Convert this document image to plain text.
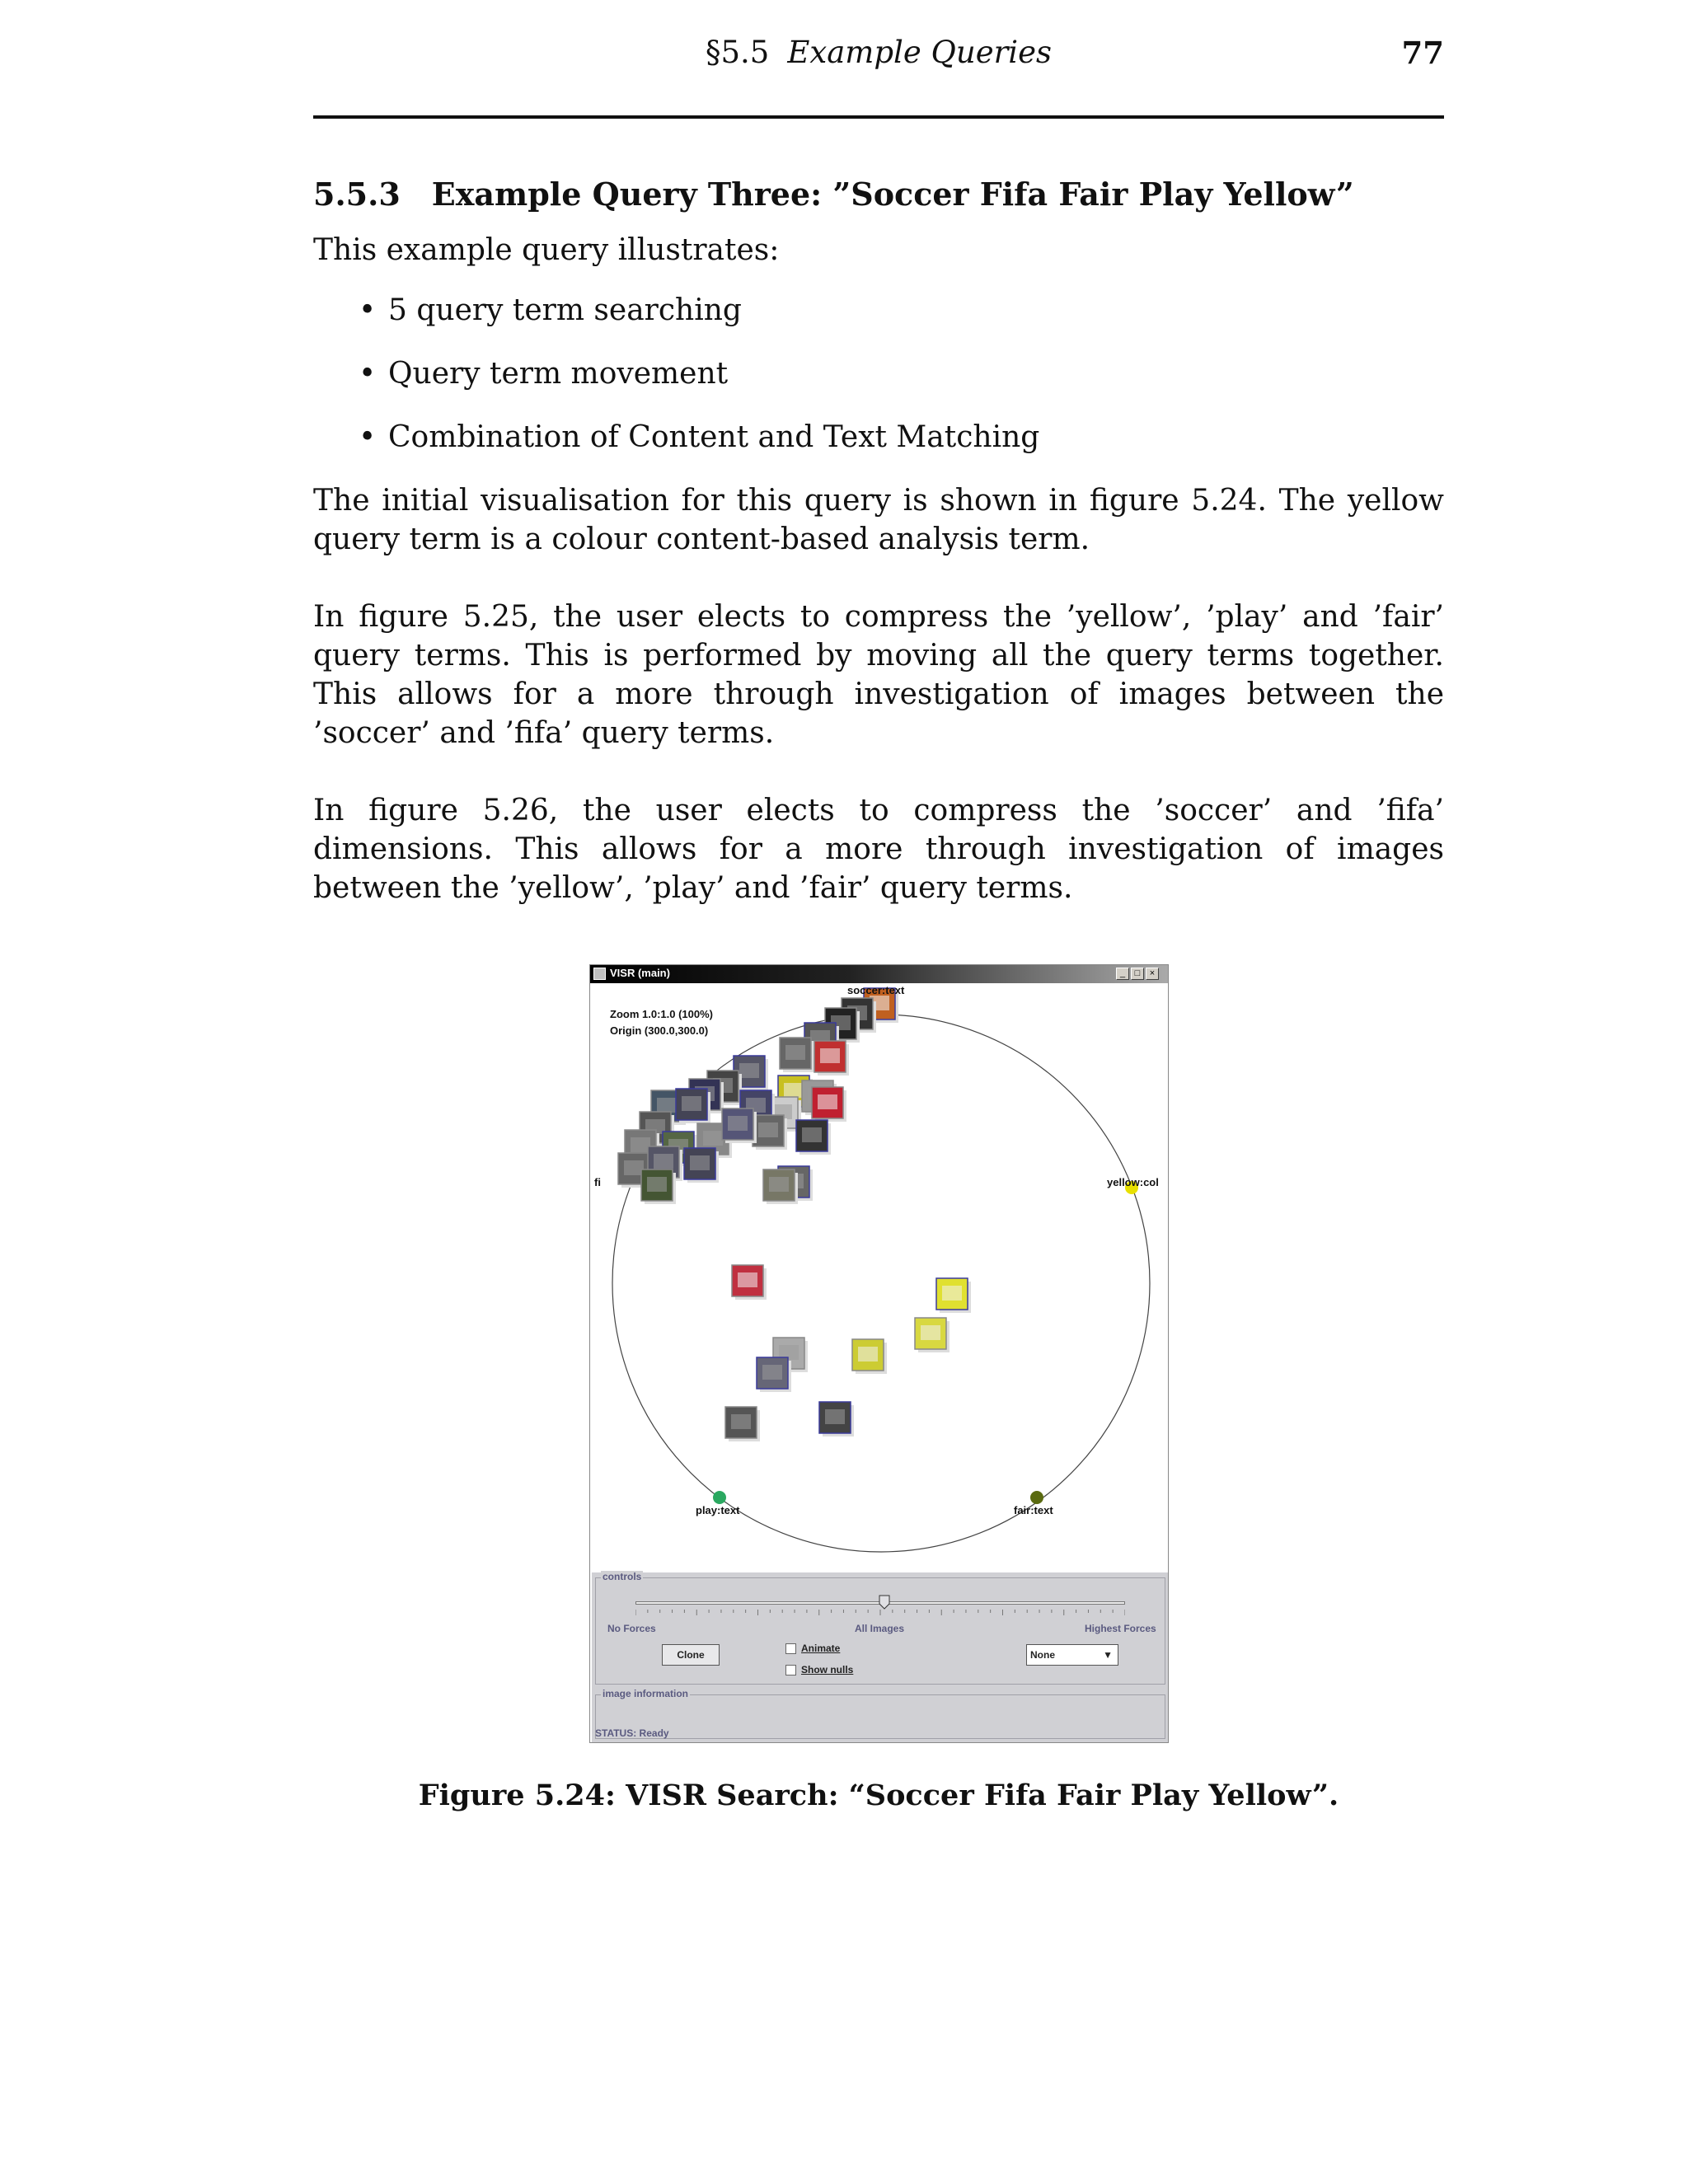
§5.5 Example Queries	77
5.5.3 Example Query Three: ”Soccer Fifa Fair Play Yellow”

This example query illustrates:

• 5 query term searching
• Query term movement
• Combination of Content and Text Matching

The initial visualisation for this query is shown in figure 5.24. The yellow query term is a colour content-based analysis term.

In figure 5.25, the user elects to compress the ’yellow’, ’play’ and ’fair’ query terms. This is performed by moving all the query terms together. This allows for a more through investigation of images between the ’soccer’ and ’fifa’ query terms.

In figure 5.26, the user elects to compress the ’soccer’ and ’fifa’ dimensions. This allows for a more through investigation of images between the ’yellow’, ’play’ and ’fair’ query terms.

VISR (main)	_	□	×
Zoom 1.0:1.0 (100%)
Origin (300.0,300.0)
soccer:text
fi	yellow:col
play:text	fair:text
controls
No Forces	All Images	Highest Forces
Clone
Animate
Show nulls
None	▼
image information
STATUS: Ready
Figure 5.24: VISR Search: “Soccer Fifa Fair Play Yellow”.
